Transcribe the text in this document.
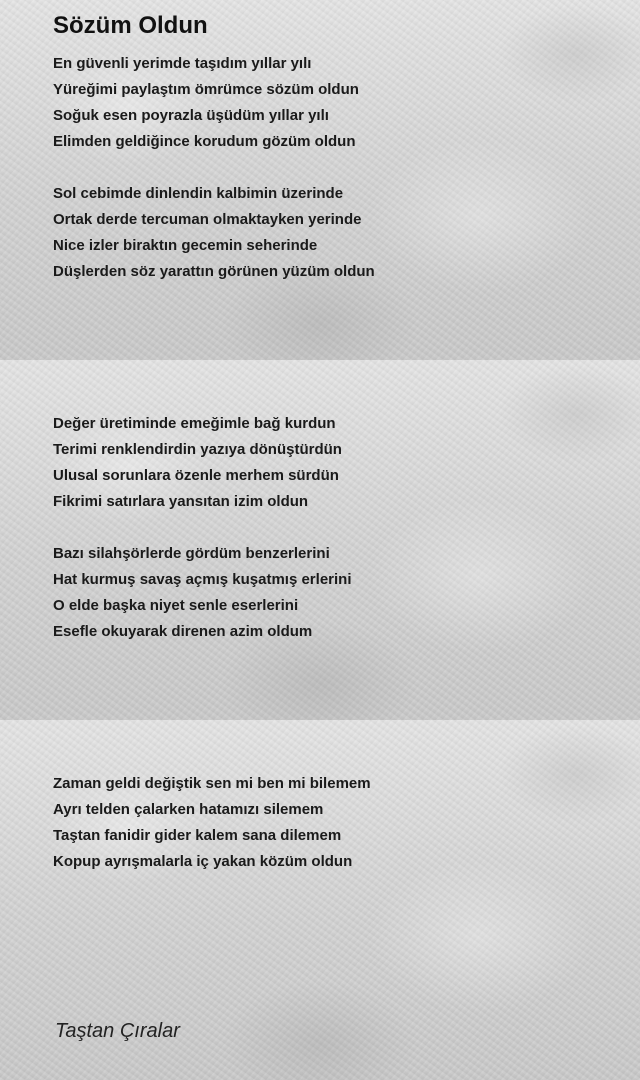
Sözüm Oldun
En güvenli yerimde taşıdım yıllar yılı
Yüreğimi paylaştım ömrümce sözüm oldun
Soğuk esen poyrazla üşüdüm yıllar yılı
Elimden geldiğince korudum gözüm oldun
Sol cebimde dinlendin kalbimin üzerinde
Ortak derde tercuman olmaktayken yerinde
Nice izler biraktın gecemin seherinde
Düşlerden söz yarattın görünen yüzüm oldun
Değer üretiminde emeğimle bağ kurdun
Terimi renklendirdin yazıya dönüştürdün
Ulusal sorunlara özenle merhem sürdün
Fikrimi satırlara yansıtan izim oldun
Bazı silahşörlerde gördüm benzerlerini
Hat kurmuş savaş açmış kuşatmış erlerini
O elde başka niyet senle eserlerini
Esefle okuyarak direnen azim oldum
Zaman geldi değiştik sen mi ben mi bilemem
Ayrı telden çalarken hatamızı silemem
Taştan fanidir gider kalem sana dilemem
Kopup ayrışmalarla iç yakan közüm oldun
Taştan Çıralar
